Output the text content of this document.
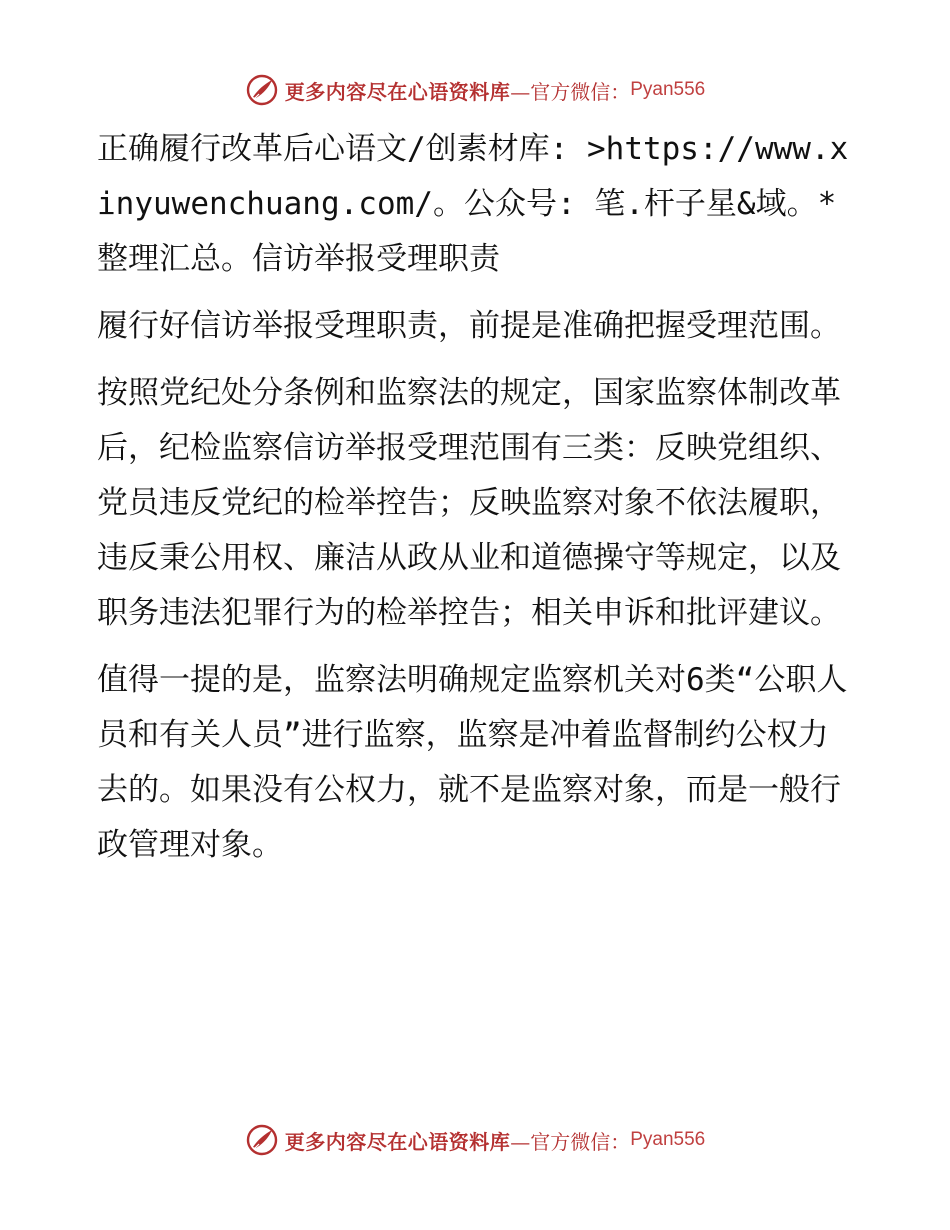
更多内容尽在心语资料库 —官方微信： Pyan556

正确履行改革后心语文/创素材库: >https://www.xinyuwenchuang.com/。公众号: 笔.杆子星&域。*整理汇总。信访举报受理职责

履行好信访举报受理职责，前提是准确把握受理范围。

按照党纪处分条例和监察法的规定，国家监察体制改革后，纪检监察信访举报受理范围有三类：反映党组织、党员违反党纪的检举控告；反映监察对象不依法履职，违反秉公用权、廉洁从政从业和道德操守等规定，以及职务违法犯罪行为的检举控告；相关申诉和批评建议。

值得一提的是，监察法明确规定监察机关对6类“公职人员和有关人员”进行监察，监察是冲着监督制约公权力去的。如果没有公权力，就不是监察对象，而是一般行政管理对象。

更多内容尽在心语资料库 —官方微信： Pyan556
